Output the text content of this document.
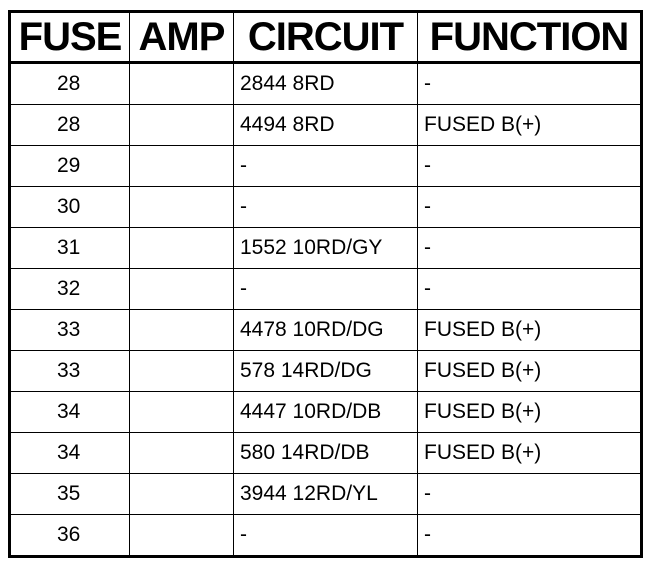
FUSE	AMP	CIRCUIT	FUNCTION
28		2844 8RD	-
28		4494 8RD	FUSED B(+)
29		-	-
30		-	-
31		1552 10RD/GY	-
32		-	-
33		4478 10RD/DG	FUSED B(+)
33		578 14RD/DG	FUSED B(+)
34		4447 10RD/DB	FUSED B(+)
34		580 14RD/DB	FUSED B(+)
35		3944 12RD/YL	-
36		-	-
